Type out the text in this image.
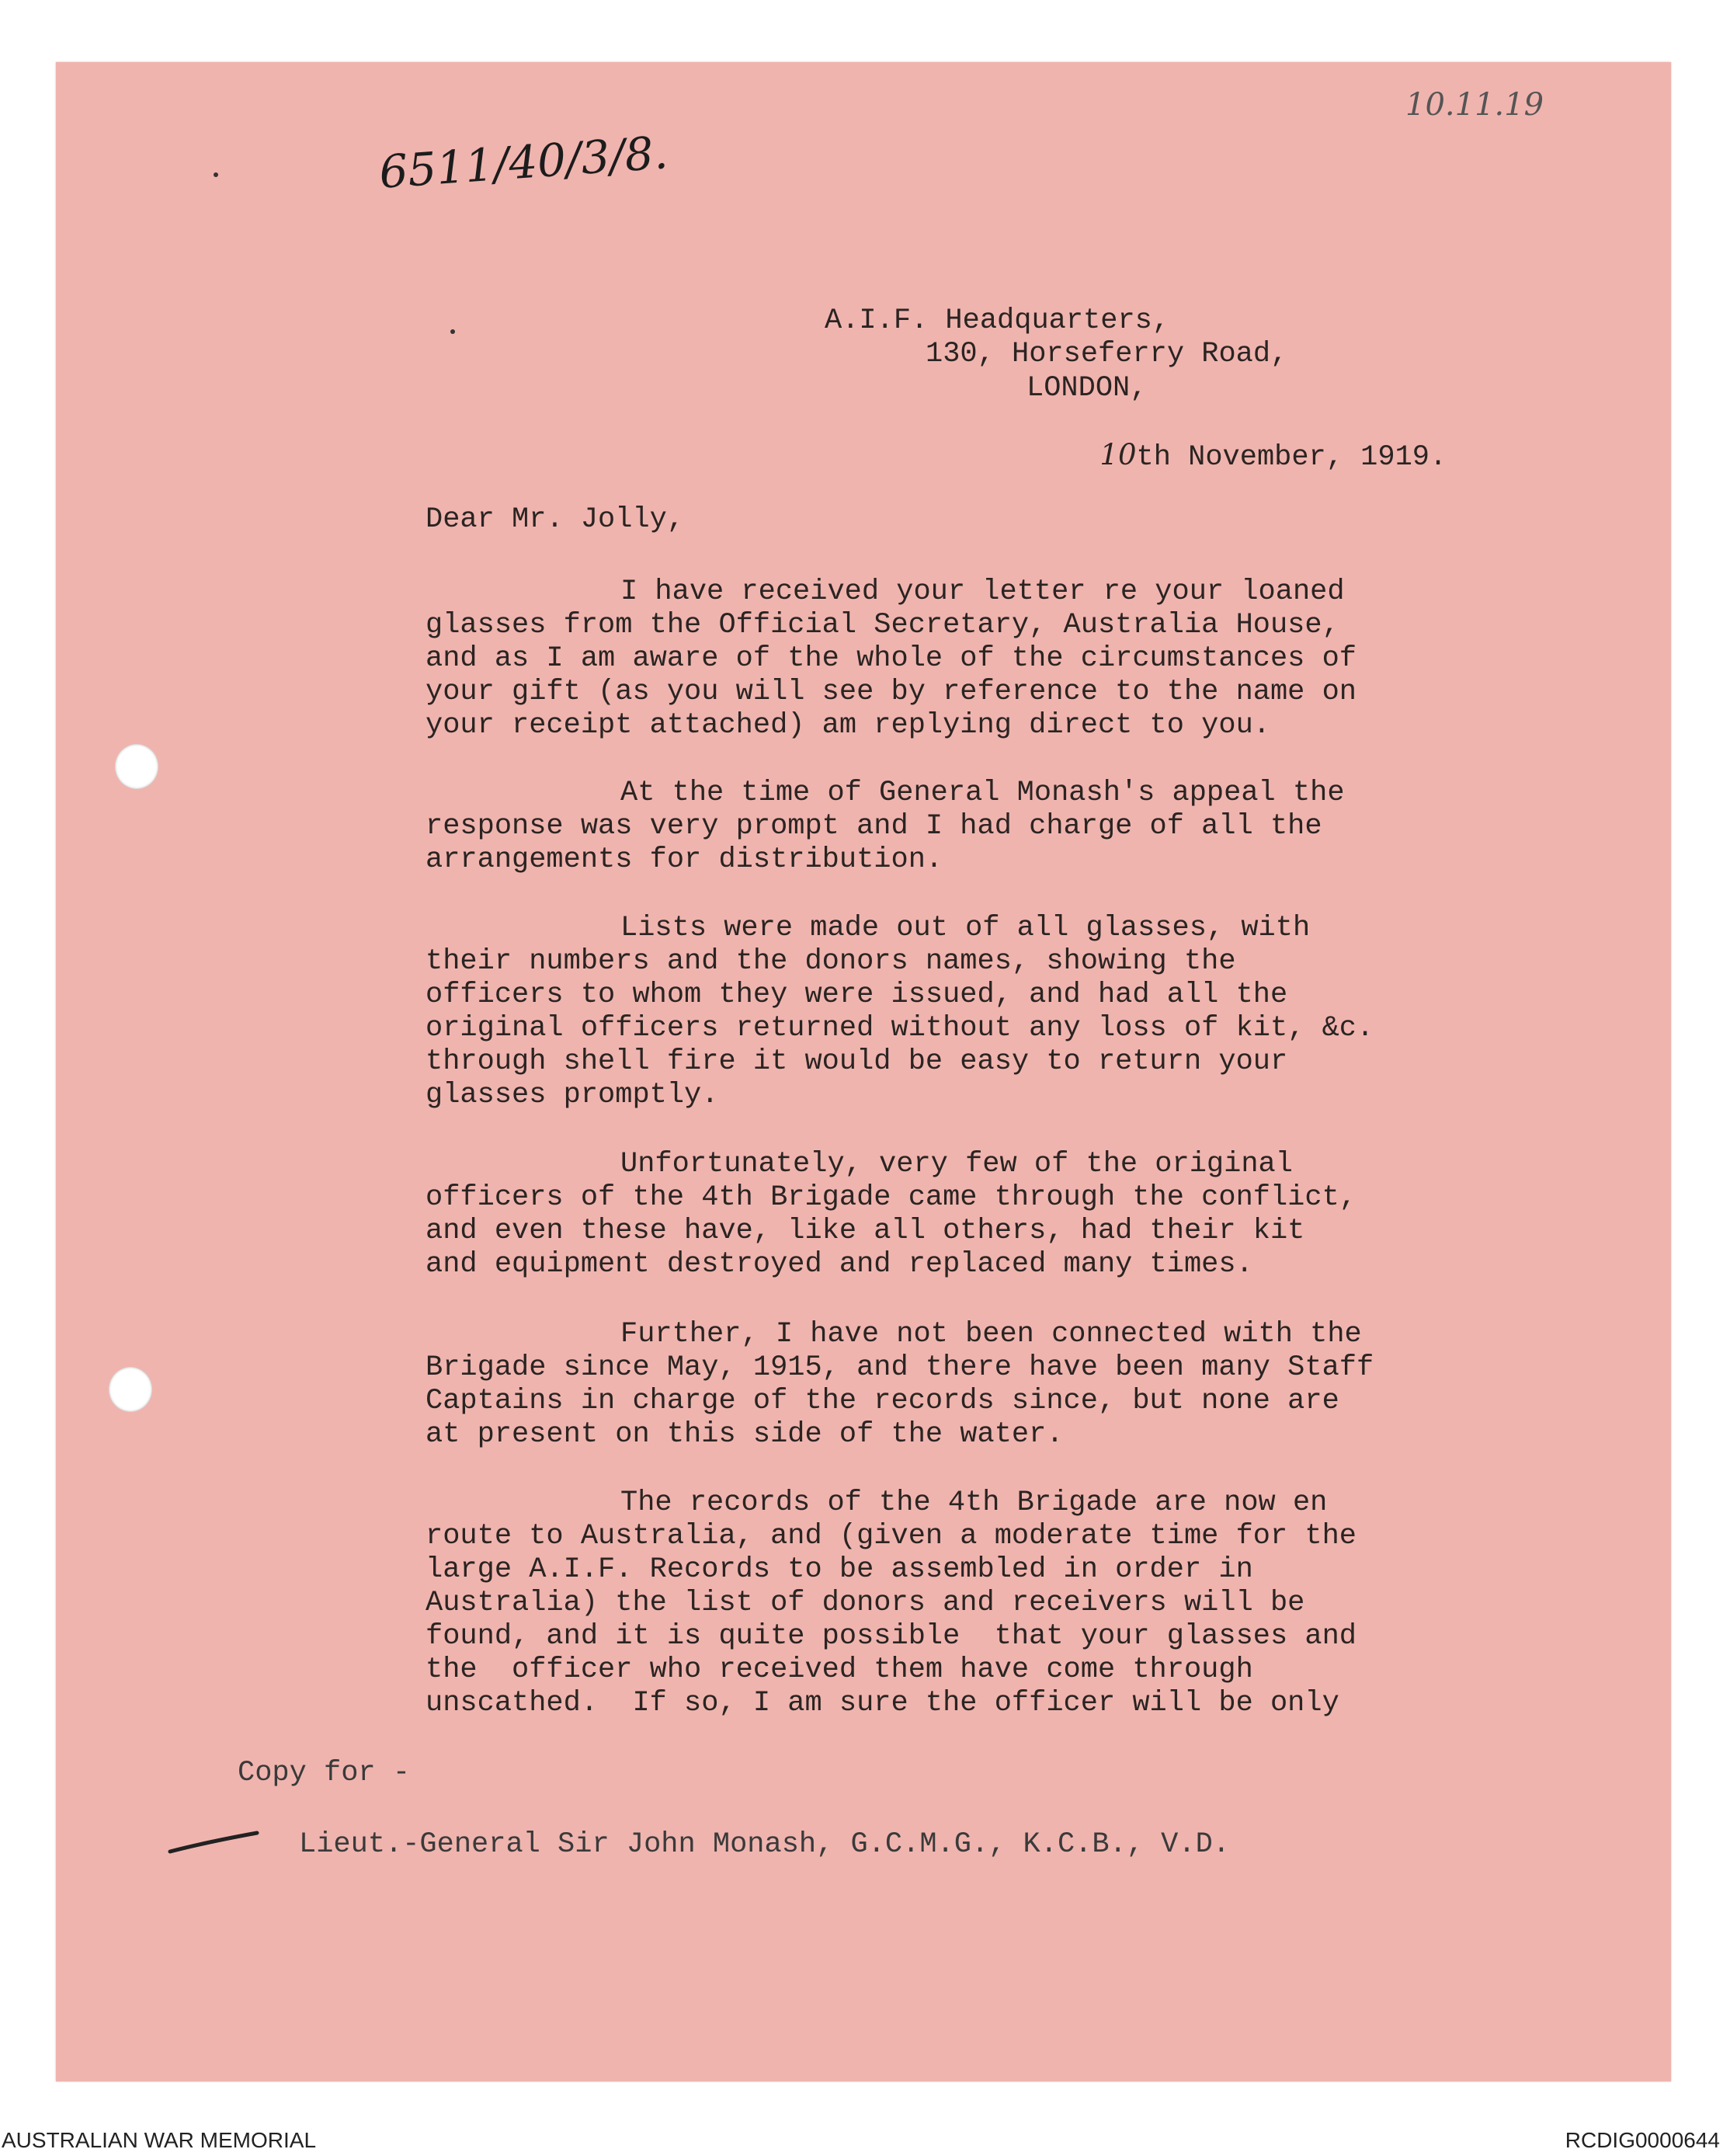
6511/40/3/8.
10.11.19
A.I.F. Headquarters,
130, Horseferry Road,
LONDON,

10th November, 1919.

Dear Mr. Jolly,
I have received your letter re your loaned
glasses from the Official Secretary, Australia House,
and as I am aware of the whole of the circumstances of
your gift (as you will see by reference to the name on
your receipt attached) am replying direct to you.
At the time of General Monash's appeal the
response was very prompt and I had charge of all the
arrangements for distribution.
Lists were made out of all glasses, with
their numbers and the donors names, showing the
officers to whom they were issued, and had all the
original officers returned without any loss of kit, &c.
through shell fire it would be easy to return your
glasses promptly.
Unfortunately, very few of the original
officers of the 4th Brigade came through the conflict,
and even these have, like all others, had their kit
and equipment destroyed and replaced many times.
Further, I have not been connected with the
Brigade since May, 1915, and there have been many Staff
Captains in charge of the records since, but none are
at present on this side of the water.
The records of the 4th Brigade are now en
route to Australia, and (given a moderate time for the
large A.I.F. Records to be assembled in order in
Australia) the list of donors and receivers will be
found, and it is quite possible  that your glasses and
the  officer who received them have come through
unscathed.  If so, I am sure the officer will be only
Copy for -
Lieut.-General Sir John Monash, G.C.M.G., K.C.B., V.D.
AUSTRALIAN WAR MEMORIAL	RCDIG0000644
